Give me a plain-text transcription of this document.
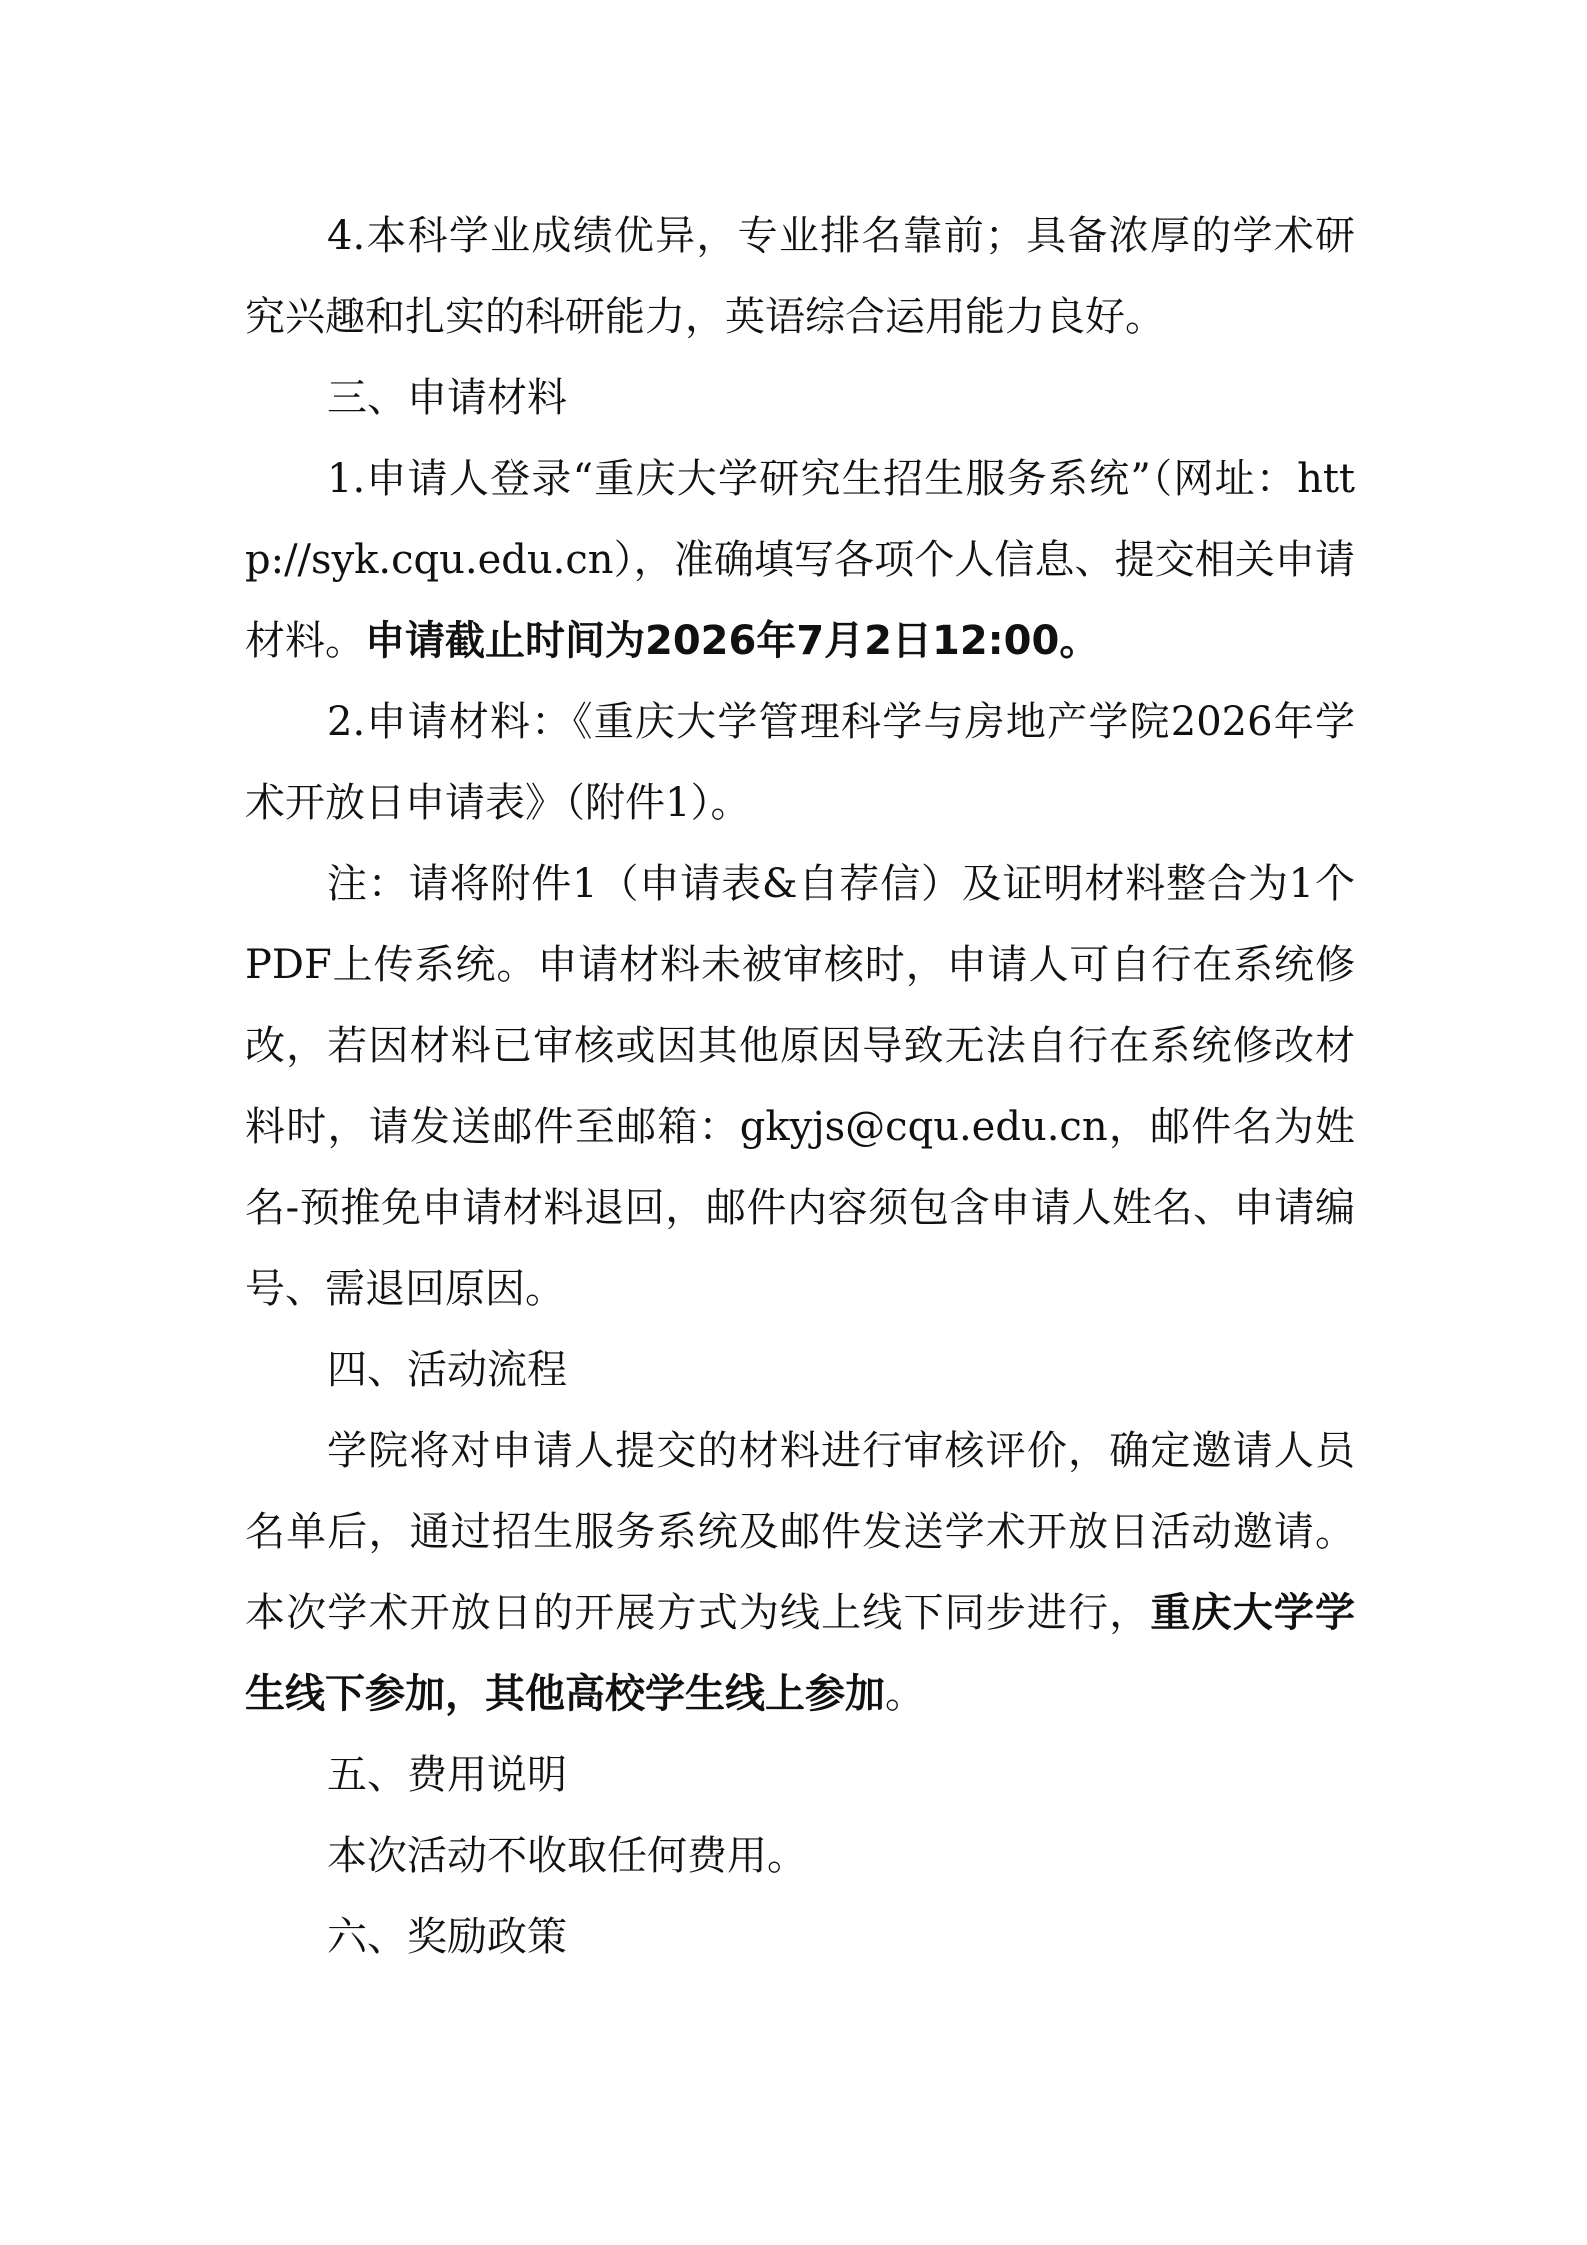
4.本科学业成绩优异，专业排名靠前；具备浓厚的学术研究兴趣和扎实的科研能力，英语综合运用能力良好。

三、申请材料

1.申请人登录“重庆大学研究生招生服务系统”（网址：http://syk.cqu.edu.cn），准确填写各项个人信息、提交相关申请材料。申请截止时间为2026年7月2日12:00。

2.申请材料：《重庆大学管理科学与房地产学院2026年学术开放日申请表》（附件1）。

注：请将附件1（申请表&自荐信）及证明材料整合为1个PDF上传系统。申请材料未被审核时，申请人可自行在系统修改，若因材料已审核或因其他原因导致无法自行在系统修改材料时，请发送邮件至邮箱：gkyjs@cqu.edu.cn，邮件名为姓名-预推免申请材料退回，邮件内容须包含申请人姓名、申请编号、需退回原因。

四、活动流程

学院将对申请人提交的材料进行审核评价，确定邀请人员名单后，通过招生服务系统及邮件发送学术开放日活动邀请。本次学术开放日的开展方式为线上线下同步进行，重庆大学学生线下参加，其他高校学生线上参加。

五、费用说明

本次活动不收取任何费用。

六、奖励政策
